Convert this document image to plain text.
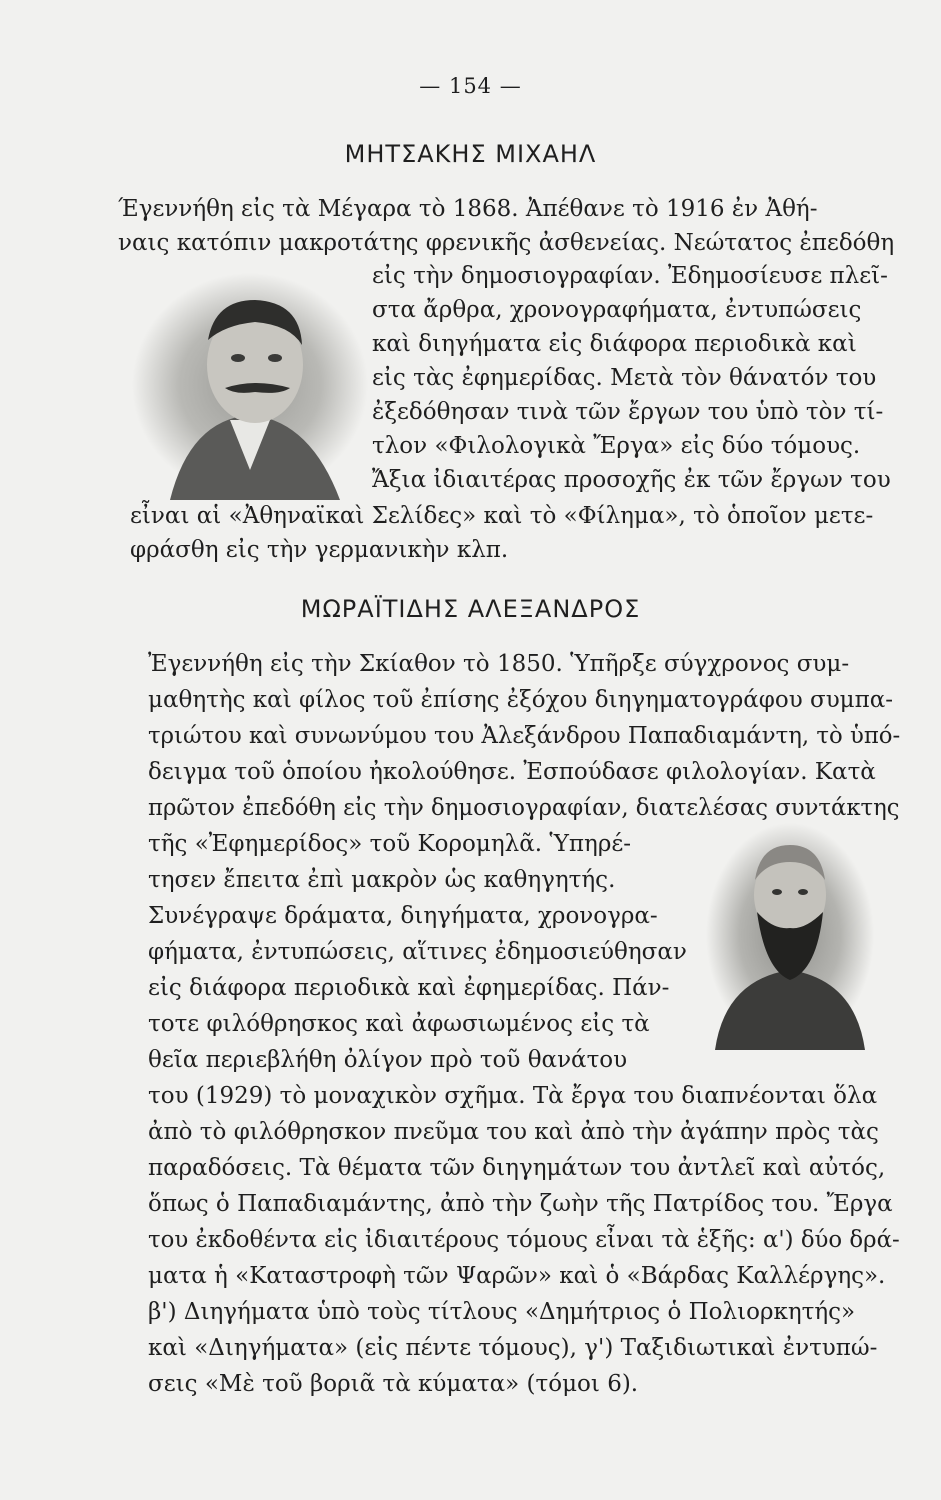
— 154 —
ΜΗΤΣΑΚΗΣ ΜΙΧΑΗΛ
Έγεννήθη εἰς τὰ Μέγαρα τὸ 1868. Ἀπέθανε τὸ 1916 ἐν Ἀθή-
ναις κατόπιν μακροτάτης φρενικῆς ἀσθενείας. Νεώτατος ἐπεδόθη
εἰς τὴν δημοσιογραφίαν. Ἐδημοσίευσε πλεῖ-
στα ἄρθρα, χρονογραφήματα, ἐντυπώσεις
καὶ διηγήματα εἰς διάφορα περιοδικὰ καὶ
εἰς τὰς ἐφημερίδας. Μετὰ τὸν θάνατόν του
ἐξεδόθησαν τινὰ τῶν ἔργων του ὑπὸ τὸν τί-
τλον «Φιλολογικὰ Ἔργα» εἰς δύο τόμους.
Ἄξια ἰδιαιτέρας προσοχῆς ἐκ τῶν ἔργων του
εἶναι αἱ «Ἀθηναϊκαὶ Σελίδες» καὶ τὸ «Φίλημα», τὸ ὁποῖον μετε-
φράσθη εἰς τὴν γερμανικὴν κλπ.
ΜΩΡΑΪΤΙΔΗΣ ΑΛΕΞΑΝΔΡΟΣ
Ἐγεννήθη εἰς τὴν Σκίαθον τὸ 1850. Ὑπῆρξε σύγχρονος συμ-
μαθητὴς καὶ φίλος τοῦ ἐπίσης ἐξόχου διηγηματογράφου συμπα-
τριώτου καὶ συνωνύμου του Ἀλεξάνδρου Παπαδιαμάντη, τὸ ὑπό-
δειγμα τοῦ ὁποίου ἠκολούθησε. Ἐσπούδασε φιλολογίαν. Κατὰ
πρῶτον ἐπεδόθη εἰς τὴν δημοσιογραφίαν, διατελέσας συντάκτης
τῆς «Ἐφημερίδος» τοῦ Κορομηλᾶ. Ὑπηρέ-
τησεν ἔπειτα ἐπὶ μακρὸν ὡς καθηγητής.
Συνέγραψε δράματα, διηγήματα, χρονογρα-
φήματα, ἐντυπώσεις, αἵτινες ἐδημοσιεύθησαν
εἰς διάφορα περιοδικὰ καὶ ἐφημερίδας. Πάν-
τοτε φιλόθρησκος καὶ ἀφωσιωμένος εἰς τὰ
θεῖα περιεβλήθη ὀλίγον πρὸ τοῦ θανάτου
του (1929) τὸ μοναχικὸν σχῆμα. Τὰ ἔργα του διαπνέονται ὅλα
ἀπὸ τὸ φιλόθρησκον πνεῦμα του καὶ ἀπὸ τὴν ἀγάπην πρὸς τὰς
παραδόσεις. Τὰ θέματα τῶν διηγημάτων του ἀντλεῖ καὶ αὐτός,
ὅπως ὁ Παπαδιαμάντης, ἀπὸ τὴν ζωὴν τῆς Πατρίδος του. Ἔργα
του ἐκδοθέντα εἰς ἰδιαιτέρους τόμους εἶναι τὰ ἑξῆς: α') δύο δρά-
ματα ἡ «Καταστροφὴ τῶν Ψαρῶν» καὶ ὁ «Βάρδας Καλλέργης».
β') Διηγήματα ὑπὸ τοὺς τίτλους «Δημήτριος ὁ Πολιορκητής»
καὶ «Διηγήματα» (εἰς πέντε τόμους), γ') Ταξιδιωτικαὶ ἐντυπώ-
σεις «Μὲ τοῦ βοριᾶ τὰ κύματα» (τόμοι 6).
